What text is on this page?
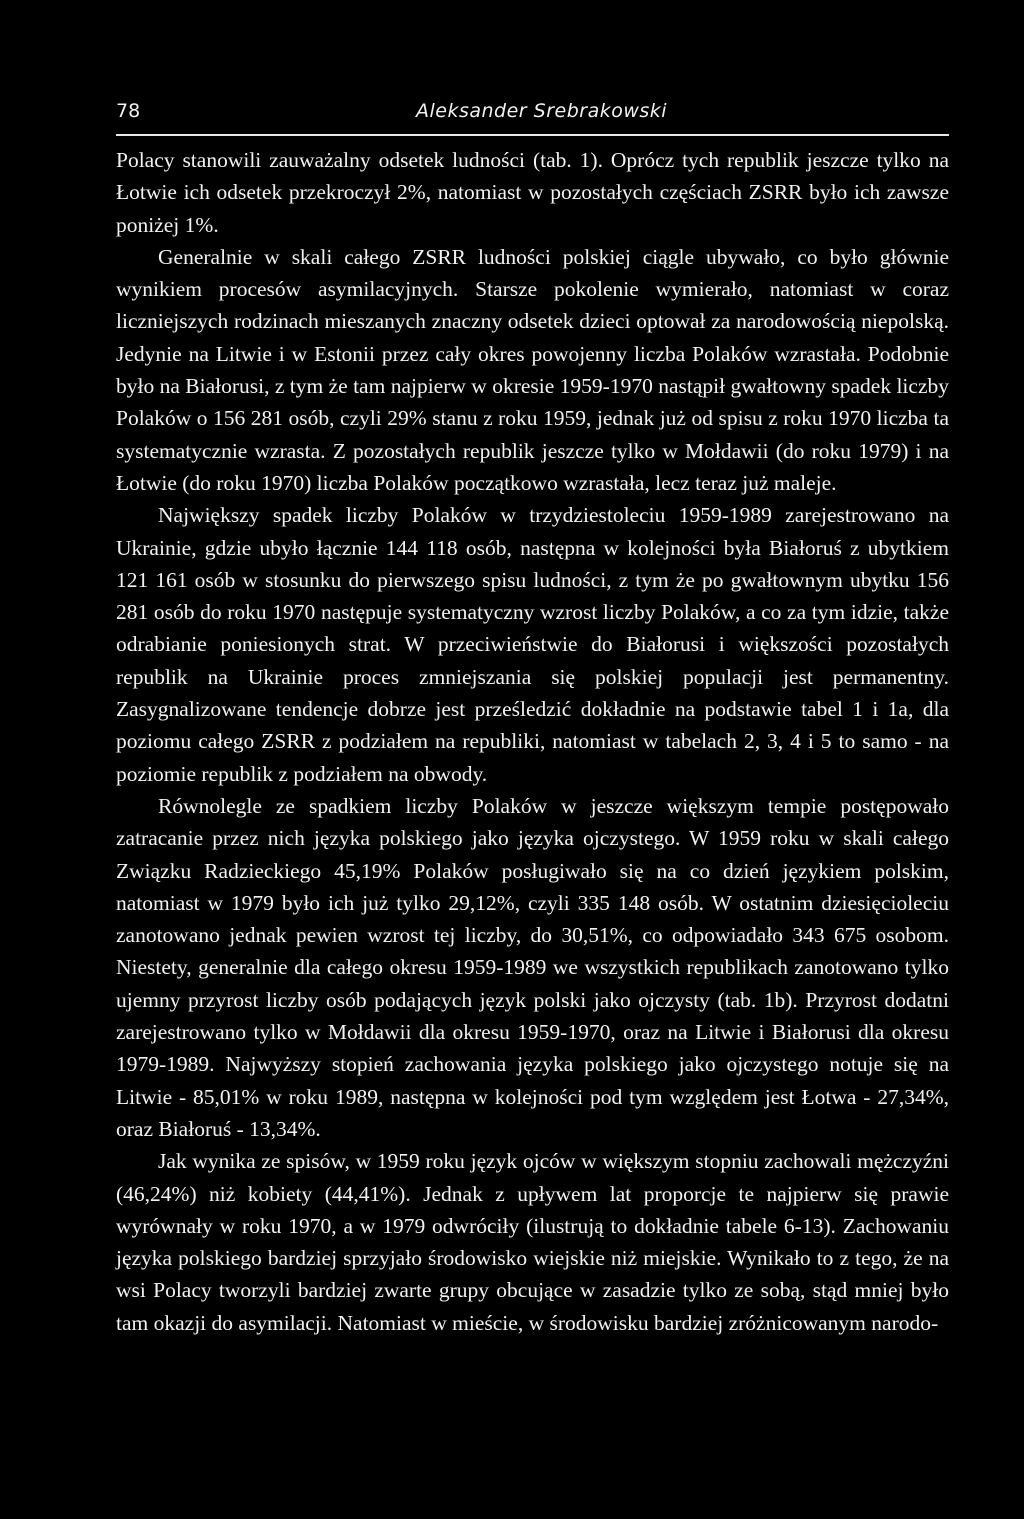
78	Aleksander Srebrakowski

Polacy stanowili zauważalny odsetek ludności (tab. 1). Oprócz tych republik jeszcze tylko na Łotwie ich odsetek przekroczył 2%, natomiast w pozostałych częściach ZSRR było ich zawsze poniżej 1%.

Generalnie w skali całego ZSRR ludności polskiej ciągle ubywało, co było głównie wynikiem procesów asymilacyjnych. Starsze pokolenie wymierało, natomiast w coraz liczniejszych rodzinach mieszanych znaczny odsetek dzieci optował za narodowością niepolską. Jedynie na Litwie i w Estonii przez cały okres powojenny liczba Polaków wzrastała. Podobnie było na Białorusi, z tym że tam najpierw w okresie 1959-1970 nastąpił gwałtowny spadek liczby Polaków o 156 281 osób, czyli 29% stanu z roku 1959, jednak już od spisu z roku 1970 liczba ta systematycznie wzrasta. Z pozostałych republik jeszcze tylko w Mołdawii (do roku 1979) i na Łotwie (do roku 1970) liczba Polaków początkowo wzrastała, lecz teraz już maleje.

Największy spadek liczby Polaków w trzydziestoleciu 1959-1989 zarejestrowano na Ukrainie, gdzie ubyło łącznie 144 118 osób, następna w kolejności była Białoruś z ubytkiem 121 161 osób w stosunku do pierwszego spisu ludności, z tym że po gwałtownym ubytku 156 281 osób do roku 1970 następuje systematyczny wzrost liczby Polaków, a co za tym idzie, także odrabianie poniesionych strat. W przeciwieństwie do Białorusi i większości pozostałych republik na Ukrainie proces zmniejszania się polskiej populacji jest permanentny. Zasygnalizowane tendencje dobrze jest prześledzić dokładnie na podstawie tabel 1 i 1a, dla poziomu całego ZSRR z podziałem na republiki, natomiast w tabelach 2, 3, 4 i 5 to samo - na poziomie republik z podziałem na obwody.

Równolegle ze spadkiem liczby Polaków w jeszcze większym tempie postępowało zatracanie przez nich języka polskiego jako języka ojczystego. W 1959 roku w skali całego Związku Radzieckiego 45,19% Polaków posługiwało się na co dzień językiem polskim, natomiast w 1979 było ich już tylko 29,12%, czyli 335 148 osób. W ostatnim dziesięcioleciu zanotowano jednak pewien wzrost tej liczby, do 30,51%, co odpowiadało 343 675 osobom. Niestety, generalnie dla całego okresu 1959-1989 we wszystkich republikach zanotowano tylko ujemny przyrost liczby osób podających język polski jako ojczysty (tab. 1b). Przyrost dodatni zarejestrowano tylko w Mołdawii dla okresu 1959-1970, oraz na Litwie i Białorusi dla okresu 1979-1989. Najwyższy stopień zachowania języka polskiego jako ojczystego notuje się na Litwie - 85,01% w roku 1989, następna w kolejności pod tym względem jest Łotwa - 27,34%, oraz Białoruś - 13,34%.

Jak wynika ze spisów, w 1959 roku język ojców w większym stopniu zachowali mężczyźni (46,24%) niż kobiety (44,41%). Jednak z upływem lat proporcje te najpierw się prawie wyrównały w roku 1970, a w 1979 odwróciły (ilustrują to dokładnie tabele 6-13). Zachowaniu języka polskiego bardziej sprzyjało środowisko wiejskie niż miejskie. Wynikało to z tego, że na wsi Polacy tworzyli bardziej zwarte grupy obcujące w zasadzie tylko ze sobą, stąd mniej było tam okazji do asymilacji. Natomiast w mieście, w środowisku bardziej zróżnicowanym narodo-
